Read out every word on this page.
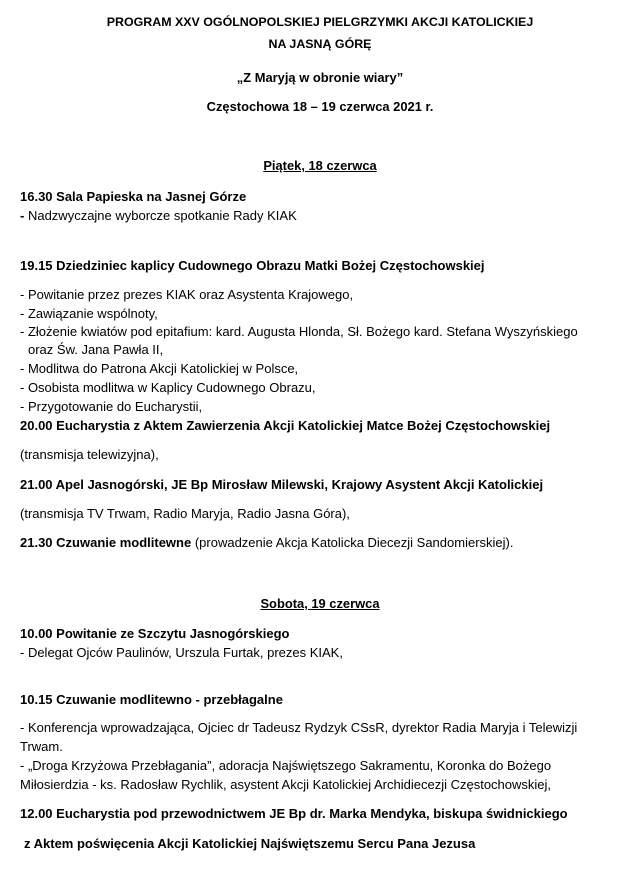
PROGRAM XXV OGÓLNOPOLSKIEJ PIELGRZYMKI AKCJI KATOLICKIEJ
NA JASNĄ GÓRĘ
„Z Maryją w obronie wiary”
Częstochowa 18 – 19 czerwca 2021 r.
Piątek, 18 czerwca
16.30 Sala Papieska na Jasnej Górze
- Nadzwyczajne wyborcze spotkanie Rady KIAK
19.15 Dziedziniec kaplicy Cudownego Obrazu Matki Bożej Częstochowskiej
- Powitanie przez prezes KIAK oraz Asystenta Krajowego,
- Zawiązanie wspólnoty,
- Złożenie kwiatów pod epitafium: kard. Augusta Hlonda, Sł. Bożego kard. Stefana Wyszyńskiego
oraz Św. Jana Pawła II,
- Modlitwa do Patrona Akcji Katolickiej w Polsce,
- Osobista modlitwa w Kaplicy Cudownego Obrazu,
- Przygotowanie do Eucharystii,
20.00 Eucharystia z Aktem Zawierzenia Akcji Katolickiej Matce Bożej Częstochowskiej
(transmisja telewizyjna),
21.00 Apel Jasnogórski, JE Bp Mirosław Milewski, Krajowy Asystent Akcji Katolickiej
(transmisja TV Trwam, Radio Maryja, Radio Jasna Góra),
21.30 Czuwanie modlitewne (prowadzenie Akcja Katolicka Diecezji Sandomierskiej).
Sobota, 19 czerwca
10.00 Powitanie ze Szczytu Jasnogórskiego
- Delegat Ojców Paulinów, Urszula Furtak, prezes KIAK,
10.15 Czuwanie modlitewno - przebłagalne
- Konferencja wprowadzająca, Ojciec dr Tadeusz Rydzyk CSsR, dyrektor Radia Maryja i Telewizji
Trwam.
- „Droga Krzyżowa Przebłagania”, adoracja Najświętszego Sakramentu, Koronka do Bożego
Miłosierdzia - ks. Radosław Rychlik, asystent Akcji Katolickiej Archidiecezji Częstochowskiej,
12.00 Eucharystia pod przewodnictwem JE Bp dr. Marka Mendyka, biskupa świdnickiego
z Aktem poświęcenia Akcji Katolickiej Najświętszemu Sercu Pana Jezusa
